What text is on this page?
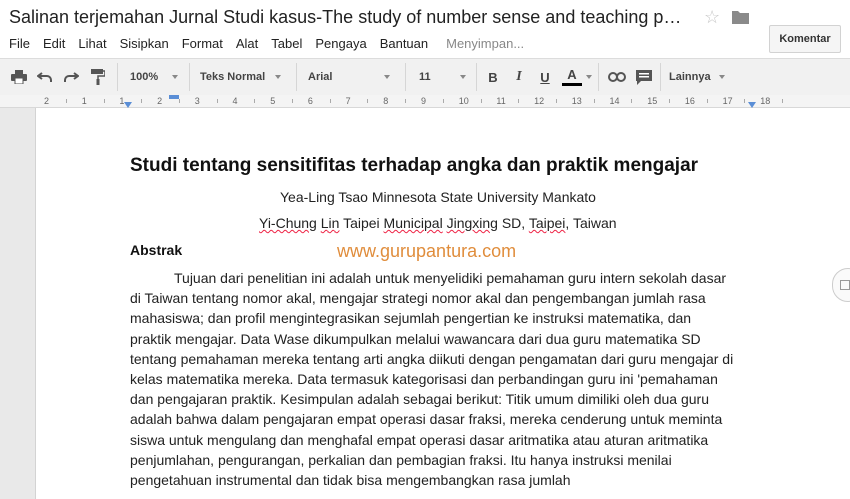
Salinan terjemahan Jurnal Studi kasus-The study of number sense and teaching p… ☆
Komentar
File Edit Lihat Sisipkan Format Alat Tabel Pengaya Bantuan Menyimpan...
100%	Teks Normal	Arial	11	B	I	U	A	Lainnya
2	1	1	2	3	4	5	6	7	8	9	10	11	12	13	14	15	16	17	18
Studi tentang sensitifitas terhadap angka dan praktik mengajar
Yea-Ling Tsao Minnesota State University Mankato
Yi-Chung Lin Taipei Municipal Jingxing SD, Taipei, Taiwan
Abstrak	www.gurupantura.com
Tujuan dari penelitian ini adalah untuk menyelidiki pemahaman guru intern sekolah dasar
di Taiwan tentang nomor akal, mengajar strategi nomor akal dan pengembangan jumlah rasa
mahasiswa; dan profil mengintegrasikan sejumlah pengertian ke instruksi matematika, dan
praktik mengajar. Data Wase dikumpulkan melalui wawancara dari dua guru matematika SD
tentang pemahaman mereka tentang arti angka diikuti dengan pengamatan dari guru mengajar di
kelas matematika mereka. Data termasuk kategorisasi dan perbandingan guru ini 'pemahaman
dan pengajaran praktik. Kesimpulan adalah sebagai berikut: Titik umum dimiliki oleh dua guru
adalah bahwa dalam pengajaran empat operasi dasar fraksi, mereka cenderung untuk meminta
siswa untuk mengulang dan menghafal empat operasi dasar aritmatika atau aturan aritmatika
penjumlahan, pengurangan, perkalian dan pembagian fraksi. Itu hanya instruksi menilai
pengetahuan instrumental dan tidak bisa mengembangkan rasa jumlah
